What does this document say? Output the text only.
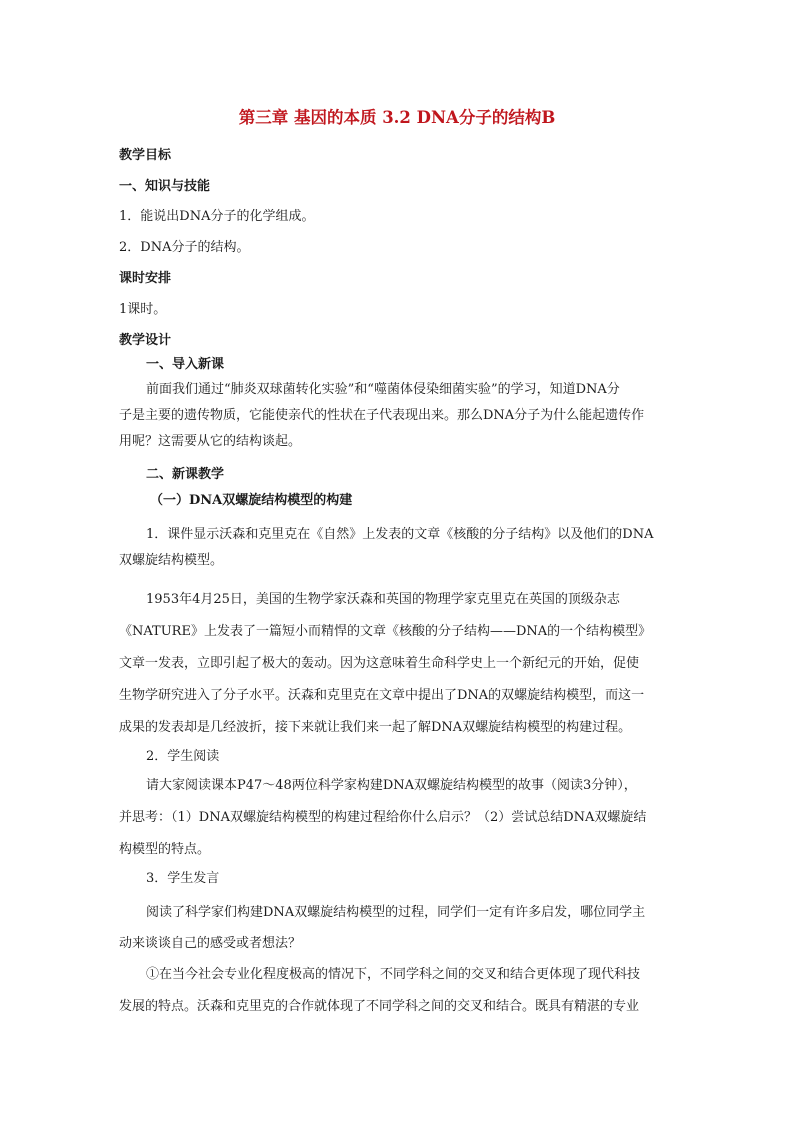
第三章 基因的本质 3.2 DNA分子的结构B
教学目标
一、知识与技能
1．能说出DNA分子的化学组成。
2．DNA分子的结构。
课时安排
1课时。
教学设计
一、导入新课
前面我们通过“肺炎双球菌转化实验”和“噬菌体侵染细菌实验”的学习，知道DNA分
子是主要的遗传物质，它能使亲代的性状在子代表现出来。那么DNA分子为什么能起遗传作
用呢？这需要从它的结构谈起。
二、新课教学
（一）DNA双螺旋结构模型的构建
1．课件显示沃森和克里克在《自然》上发表的文章《核酸的分子结构》以及他们的DNA
双螺旋结构模型。
1953年4月25日，美国的生物学家沃森和英国的物理学家克里克在英国的顶级杂志
《NATURE》上发表了一篇短小而精悍的文章《核酸的分子结构——DNA的一个结构模型》
文章一发表，立即引起了极大的轰动。因为这意味着生命科学史上一个新纪元的开始，促使
生物学研究进入了分子水平。沃森和克里克在文章中提出了DNA的双螺旋结构模型，而这一
成果的发表却是几经波折，接下来就让我们来一起了解DNA双螺旋结构模型的构建过程。
2．学生阅读
请大家阅读课本P47～48两位科学家构建DNA双螺旋结构模型的故事（阅读3分钟），
并思考：（1）DNA双螺旋结构模型的构建过程给你什么启示？（2）尝试总结DNA双螺旋结
构模型的特点。
3．学生发言
阅读了科学家们构建DNA双螺旋结构模型的过程，同学们一定有许多启发，哪位同学主
动来谈谈自己的感受或者想法？
①在当今社会专业化程度极高的情况下，不同学科之间的交叉和结合更体现了现代科技
发展的特点。沃森和克里克的合作就体现了不同学科之间的交叉和结合。既具有精湛的专业
